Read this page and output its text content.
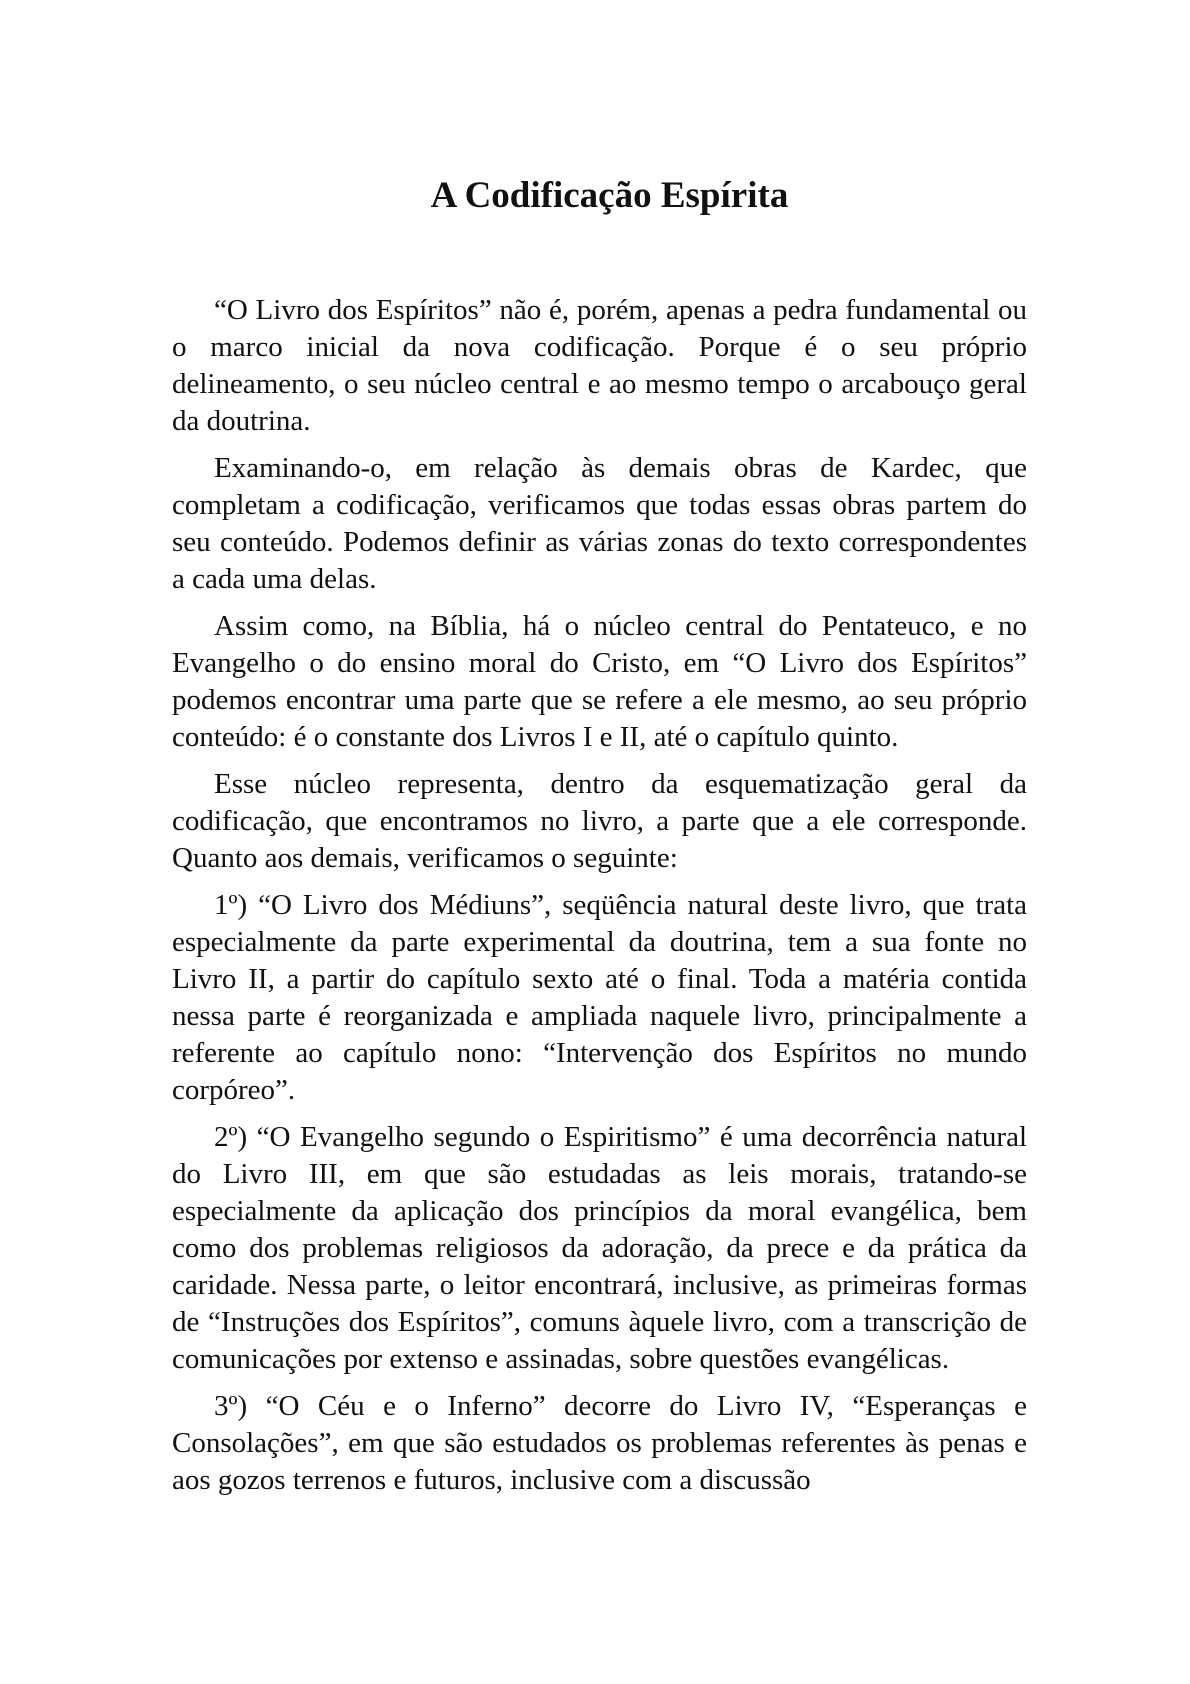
A Codificação Espírita

“O Livro dos Espíritos” não é, porém, apenas a pedra fundamental ou o marco inicial da nova codificação. Porque é o seu próprio delineamento, o seu núcleo central e ao mesmo tempo o arcabouço geral da doutrina.

Examinando-o, em relação às demais obras de Kardec, que completam a codificação, verificamos que todas essas obras partem do seu conteúdo. Podemos definir as várias zonas do texto correspondentes a cada uma delas.

Assim como, na Bíblia, há o núcleo central do Pentateuco, e no Evangelho o do ensino moral do Cristo, em “O Livro dos Espíritos” podemos encontrar uma parte que se refere a ele mesmo, ao seu próprio conteúdo: é o constante dos Livros I e II, até o capítulo quinto.

Esse núcleo representa, dentro da esquematização geral da codificação, que encontramos no livro, a parte que a ele corresponde. Quanto aos demais, verificamos o seguinte:

1º) “O Livro dos Médiuns”, seqüência natural deste livro, que trata especialmente da parte experimental da doutrina, tem a sua fonte no Livro II, a partir do capítulo sexto até o final. Toda a matéria contida nessa parte é reorganizada e ampliada naquele livro, principalmente a referente ao capítulo nono: “Intervenção dos Espíritos no mundo corpóreo”.

2º) “O Evangelho segundo o Espiritismo” é uma decorrência natural do Livro III, em que são estudadas as leis morais, tratando-se especialmente da aplicação dos princípios da moral evangélica, bem como dos problemas religiosos da adoração, da prece e da prática da caridade. Nessa parte, o leitor encontrará, inclusive, as primeiras formas de “Instruções dos Espíritos”, comuns àquele livro, com a transcrição de comunicações por extenso e assinadas, sobre questões evangélicas.

3º) “O Céu e o Inferno” decorre do Livro IV, “Esperanças e Consolações”, em que são estudados os problemas referentes às penas e aos gozos terrenos e futuros, inclusive com a discussão
